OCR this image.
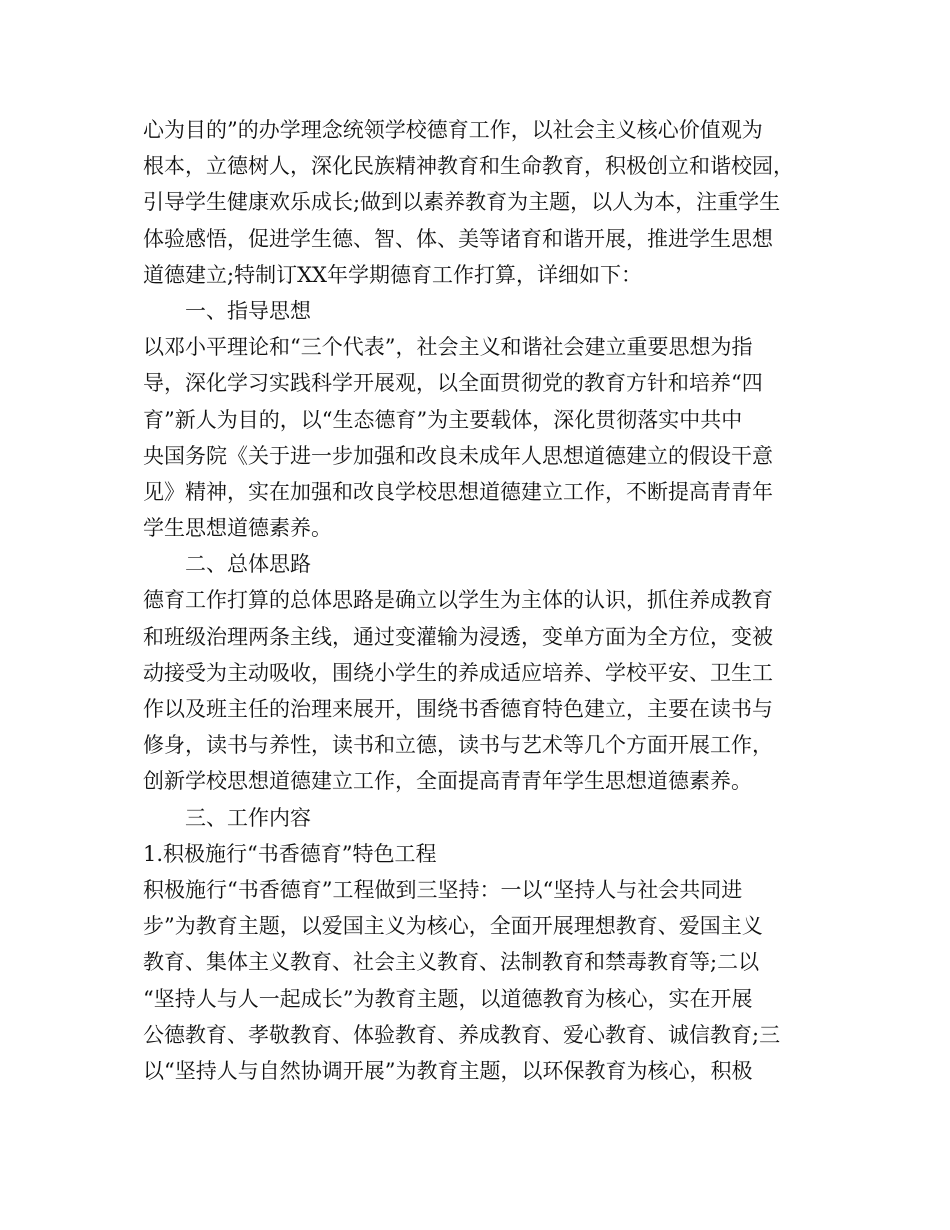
心为目的”的办学理念统领学校德育工作，以社会主义核心价值观为
根本，立德树人，深化民族精神教育和生命教育，积极创立和谐校园，
引导学生健康欢乐成长;做到以素养教育为主题，以人为本，注重学生
体验感悟，促进学生德、智、体、美等诸育和谐开展，推进学生思想
道德建立;特制订XX年学期德育工作打算，详细如下：
一、指导思想
以邓小平理论和“三个代表”，社会主义和谐社会建立重要思想为指
导，深化学习实践科学开展观，以全面贯彻党的教育方针和培养“四
育”新人为目的，以“生态德育”为主要载体，深化贯彻落实中共中
央国务院《关于进一步加强和改良未成年人思想道德建立的假设干意
见》精神，实在加强和改良学校思想道德建立工作，不断提高青青年
学生思想道德素养。
二、总体思路
德育工作打算的总体思路是确立以学生为主体的认识，抓住养成教育
和班级治理两条主线，通过变灌输为浸透，变单方面为全方位，变被
动接受为主动吸收，围绕小学生的养成适应培养、学校平安、卫生工
作以及班主任的治理来展开，围绕书香德育特色建立，主要在读书与
修身，读书与养性，读书和立德，读书与艺术等几个方面开展工作，
创新学校思想道德建立工作，全面提高青青年学生思想道德素养。
三、工作内容
1.积极施行“书香德育”特色工程
积极施行“书香德育”工程做到三坚持：一以“坚持人与社会共同进
步”为教育主题，以爱国主义为核心，全面开展理想教育、爱国主义
教育、集体主义教育、社会主义教育、法制教育和禁毒教育等;二以
“坚持人与人一起成长”为教育主题，以道德教育为核心，实在开展
公德教育、孝敬教育、体验教育、养成教育、爱心教育、诚信教育;三
以“坚持人与自然协调开展”为教育主题，以环保教育为核心，积极
